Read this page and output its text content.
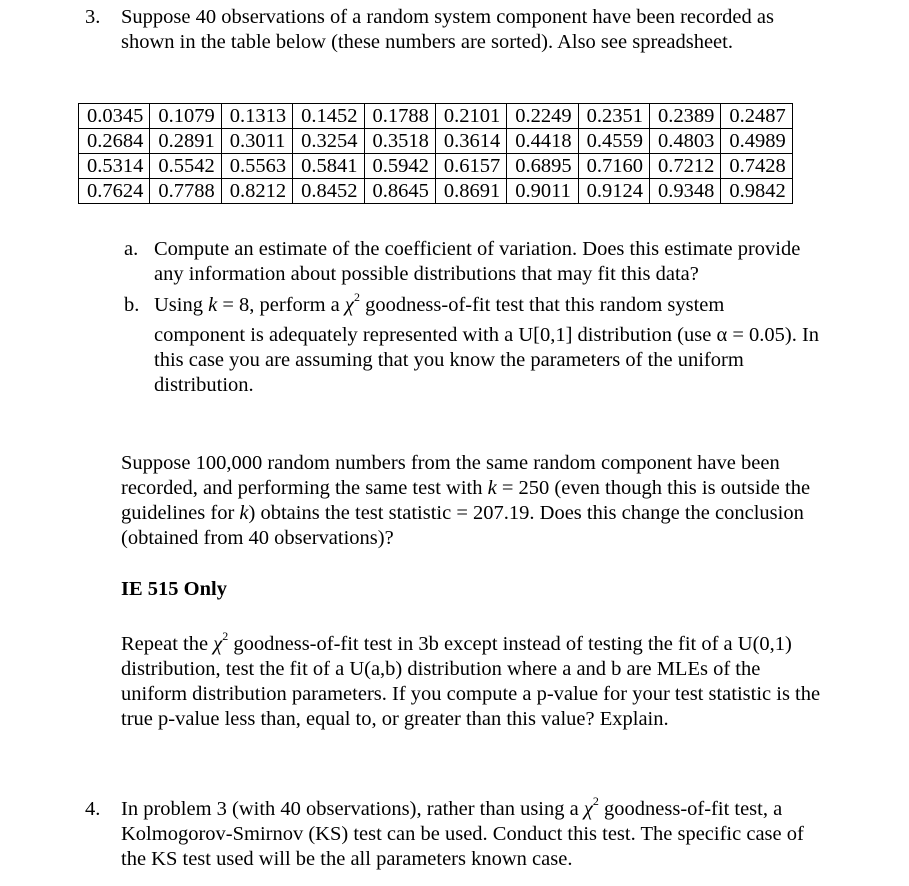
3. Suppose 40 observations of a random system component have been recorded as
shown in the table below (these numbers are sorted). Also see spreadsheet.
0.0345	0.1079	0.1313	0.1452	0.1788	0.2101	0.2249	0.2351	0.2389	0.2487
0.2684	0.2891	0.3011	0.3254	0.3518	0.3614	0.4418	0.4559	0.4803	0.4989
0.5314	0.5542	0.5563	0.5841	0.5942	0.6157	0.6895	0.7160	0.7212	0.7428
0.7624	0.7788	0.8212	0.8452	0.8645	0.8691	0.9011	0.9124	0.9348	0.9842
a. Compute an estimate of the coefficient of variation. Does this estimate provide
any information about possible distributions that may fit this data?
b. Using k = 8, perform a $\chi^2$ goodness-of-fit test that this random system
component is adequately represented with a U[0,1] distribution (use α = 0.05). In
this case you are assuming that you know the parameters of the uniform
distribution.
Suppose 100,000 random numbers from the same random component have been
recorded, and performing the same test with k = 250 (even though this is outside the
guidelines for k) obtains the test statistic = 207.19. Does this change the conclusion
(obtained from 40 observations)?
IE 515 Only
Repeat the $\chi^2$ goodness-of-fit test in 3b except instead of testing the fit of a U(0,1)
distribution, test the fit of a U(a,b) distribution where a and b are MLEs of the
uniform distribution parameters. If you compute a p-value for your test statistic is the
true p-value less than, equal to, or greater than this value? Explain.
4. In problem 3 (with 40 observations), rather than using a $\chi^2$ goodness-of-fit test, a
Kolmogorov-Smirnov (KS) test can be used. Conduct this test. The specific case of
the KS test used will be the all parameters known case.
